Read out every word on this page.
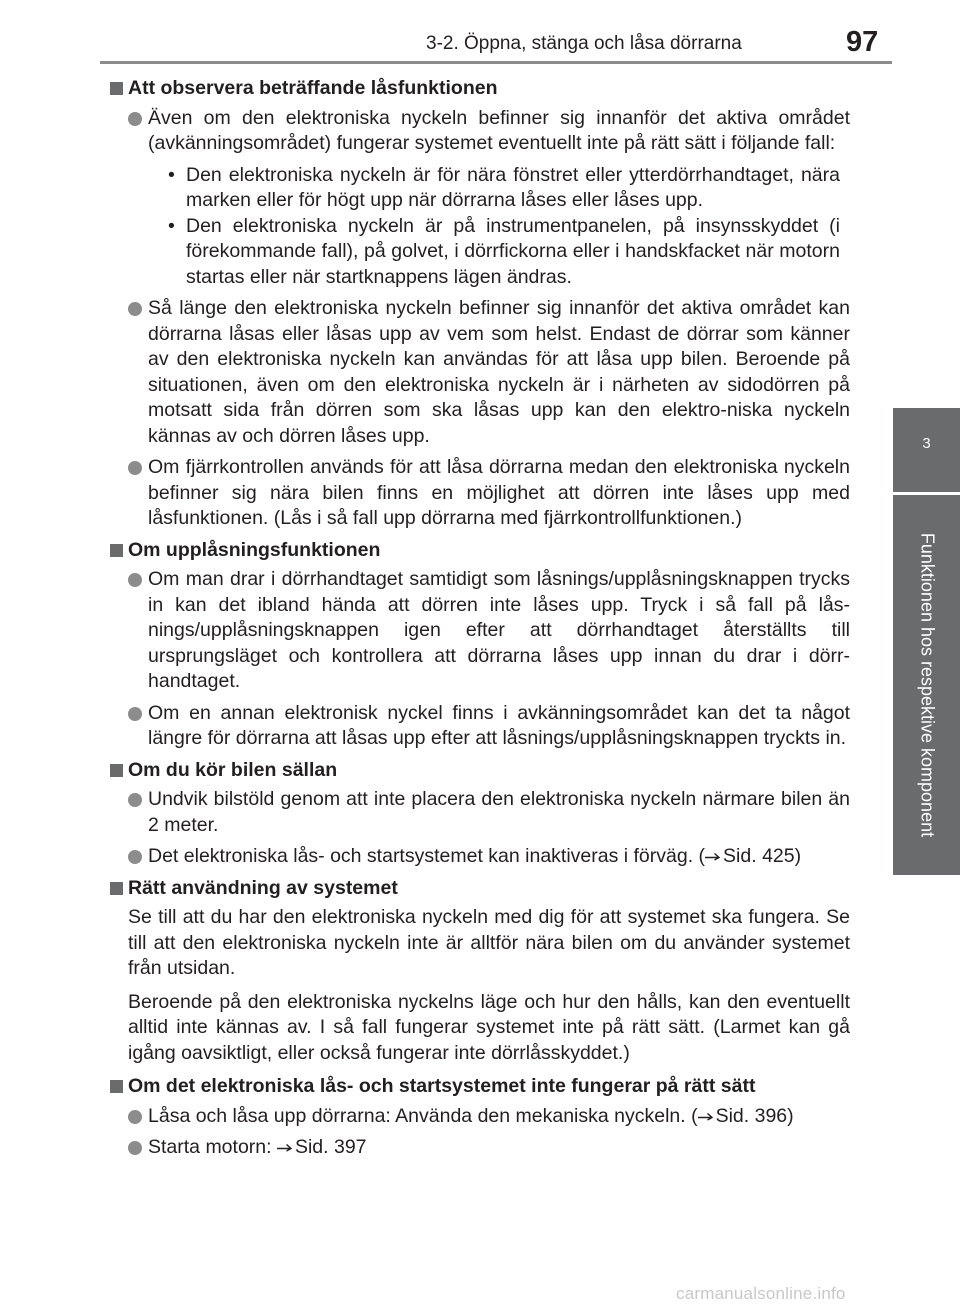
3-2. Öppna, stänga och låsa dörrarna	97
3
Funktionen hos respektive komponent
Att observera beträffande låsfunktionen
Även om den elektroniska nyckeln befinner sig innanför det aktiva området (avkänningsområdet) fungerar systemet eventuellt inte på rätt sätt i följande fall:
• Den elektroniska nyckeln är för nära fönstret eller ytterdörrhandtaget, nära marken eller för högt upp när dörrarna låses eller låses upp.
• Den elektroniska nyckeln är på instrumentpanelen, på insynsskyddet (i förekommande fall), på golvet, i dörrfickorna eller i handskfacket när motorn startas eller när startknappens lägen ändras.
Så länge den elektroniska nyckeln befinner sig innanför det aktiva området kan dörrarna låsas eller låsas upp av vem som helst. Endast de dörrar som känner av den elektroniska nyckeln kan användas för att låsa upp bilen. Beroende på situationen, även om den elektroniska nyckeln är i närheten av sidodörren på motsatt sida från dörren som ska låsas upp kan den elektro-niska nyckeln kännas av och dörren låses upp.
Om fjärrkontrollen används för att låsa dörrarna medan den elektroniska nyckeln befinner sig nära bilen finns en möjlighet att dörren inte låses upp med låsfunktionen. (Lås i så fall upp dörrarna med fjärrkontrollfunktionen.)
Om upplåsningsfunktionen
Om man drar i dörrhandtaget samtidigt som låsnings/upplåsningsknappen trycks in kan det ibland hända att dörren inte låses upp. Tryck i så fall på lås-nings/upplåsningsknappen igen efter att dörrhandtaget återställts till ursprungsläget och kontrollera att dörrarna låses upp innan du drar i dörr-handtaget.
Om en annan elektronisk nyckel finns i avkänningsområdet kan det ta något längre för dörrarna att låsas upp efter att låsnings/upplåsningsknappen tryckts in.
Om du kör bilen sällan
Undvik bilstöld genom att inte placera den elektroniska nyckeln närmare bilen än 2 meter.
Det elektroniska lås- och startsystemet kan inaktiveras i förväg. ( Sid. 425)
Rätt användning av systemet
Se till att du har den elektroniska nyckeln med dig för att systemet ska fungera. Se till att den elektroniska nyckeln inte är alltför nära bilen om du använder systemet från utsidan.
Beroende på den elektroniska nyckelns läge och hur den hålls, kan den eventuellt alltid inte kännas av. I så fall fungerar systemet inte på rätt sätt. (Larmet kan gå igång oavsiktligt, eller också fungerar inte dörrlåsskyddet.)
Om det elektroniska lås- och startsystemet inte fungerar på rätt sätt
Låsa och låsa upp dörrarna: Använda den mekaniska nyckeln. ( Sid. 396)
Starta motorn: Sid. 397
carmanualsonline.info
